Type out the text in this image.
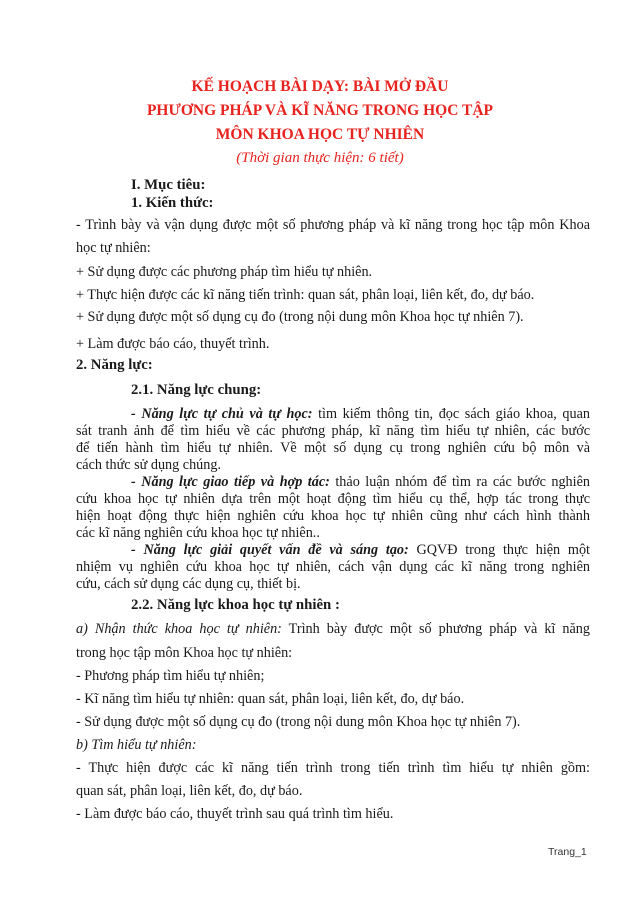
KẾ HOẠCH BÀI DẠY: BÀI MỞ ĐẦU
PHƯƠNG PHÁP VÀ KĨ NĂNG TRONG HỌC TẬP
MÔN KHOA HỌC TỰ NHIÊN
(Thời gian thực hiện: 6 tiết)
I. Mục tiêu:
1. Kiến thức:
- Trình bày và vận dụng được một số phương pháp và kĩ năng trong học tập môn Khoa
học tự nhiên:
+ Sử dụng được các phương pháp tìm hiểu tự nhiên.
+ Thực hiện được các kĩ năng tiến trình: quan sát, phân loại, liên kết, đo, dự báo.
+ Sử dụng được một số dụng cụ đo (trong nội dung môn Khoa học tự nhiên 7).
+ Làm được báo cáo, thuyết trình.
2. Năng lực:
2.1. Năng lực chung:
- Năng lực tự chủ và tự học: tìm kiếm thông tin, đọc sách giáo khoa, quan
sát tranh ảnh để tìm hiểu về các phương pháp, kĩ năng tìm hiểu tự nhiên, các bước
để tiến hành tìm hiểu tự nhiên. Về một số dụng cụ trong nghiên cứu bộ môn và
cách thức sử dụng chúng.
- Năng lực giao tiếp và hợp tác: thảo luận nhóm để tìm ra các bước nghiên
cứu khoa học tự nhiên dựa trên một hoạt động tìm hiểu cụ thể, hợp tác trong thực
hiện hoạt động thực hiện nghiên cứu khoa học tự nhiên cũng như cách hình thành
các kĩ năng nghiên cứu khoa học tự nhiên..
- Năng lực giải quyết vấn đề và sáng tạo: GQVĐ trong thực hiện một
nhiệm vụ nghiên cứu khoa học tự nhiên, cách vận dụng các kĩ năng trong nghiên
cứu, cách sử dụng các dụng cụ, thiết bị.
2.2. Năng lực khoa học tự nhiên :
a) Nhận thức khoa học tự nhiên: Trình bày được một số phương pháp và kĩ năng
trong học tập môn Khoa học tự nhiên:
- Phương pháp tìm hiểu tự nhiên;
- Kĩ năng tìm hiểu tự nhiên: quan sát, phân loại, liên kết, đo, dự báo.
- Sử dụng được một số dụng cụ đo (trong nội dung môn Khoa học tự nhiên 7).
b) Tìm hiểu tự nhiên:
- Thực hiện được các kĩ năng tiến trình trong tiến trình tìm hiểu tự nhiên gồm:
quan sát, phân loại, liên kết, đo, dự báo.
- Làm được báo cáo, thuyết trình sau quá trình tìm hiểu.
Trang_1
